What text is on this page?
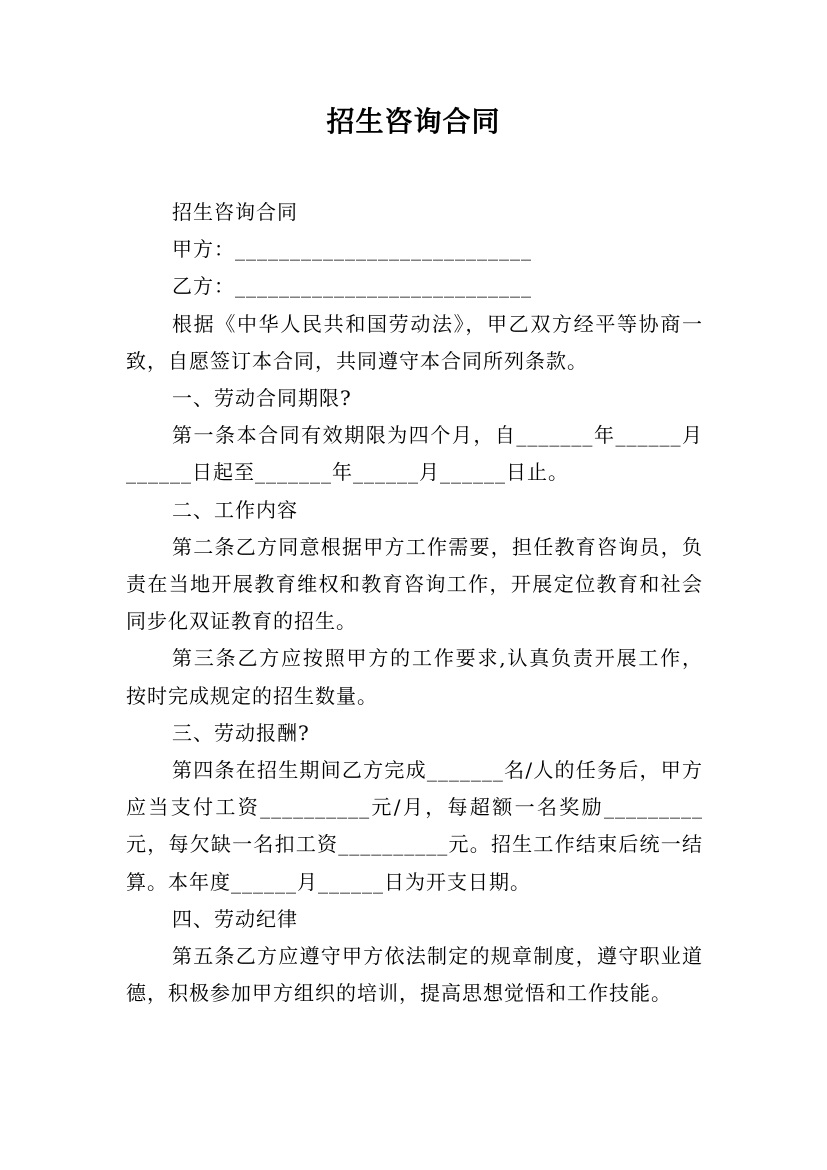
招生咨询合同

招生咨询合同

甲方：___________________________

乙方：___________________________

根据《中华人民共和国劳动法》，甲乙双方经平等协商一致，自愿签订本合同，共同遵守本合同所列条款。

一、劳动合同期限?

第一条本合同有效期限为四个月，自_______年______月______日起至_______年______月______日止。

二、工作内容

第二条乙方同意根据甲方工作需要，担任教育咨询员，负责在当地开展教育维权和教育咨询工作，开展定位教育和社会同步化双证教育的招生。

第三条乙方应按照甲方的工作要求,认真负责开展工作，按时完成规定的招生数量。

三、劳动报酬?

第四条在招生期间乙方完成_______名/人的任务后，甲方应当支付工资__________元/月，每超额一名奖励_________元，每欠缺一名扣工资__________元。招生工作结束后统一结算。本年度______月______日为开支日期。

四、劳动纪律

第五条乙方应遵守甲方依法制定的规章制度，遵守职业道德，积极参加甲方组织的培训，提高思想觉悟和工作技能。
